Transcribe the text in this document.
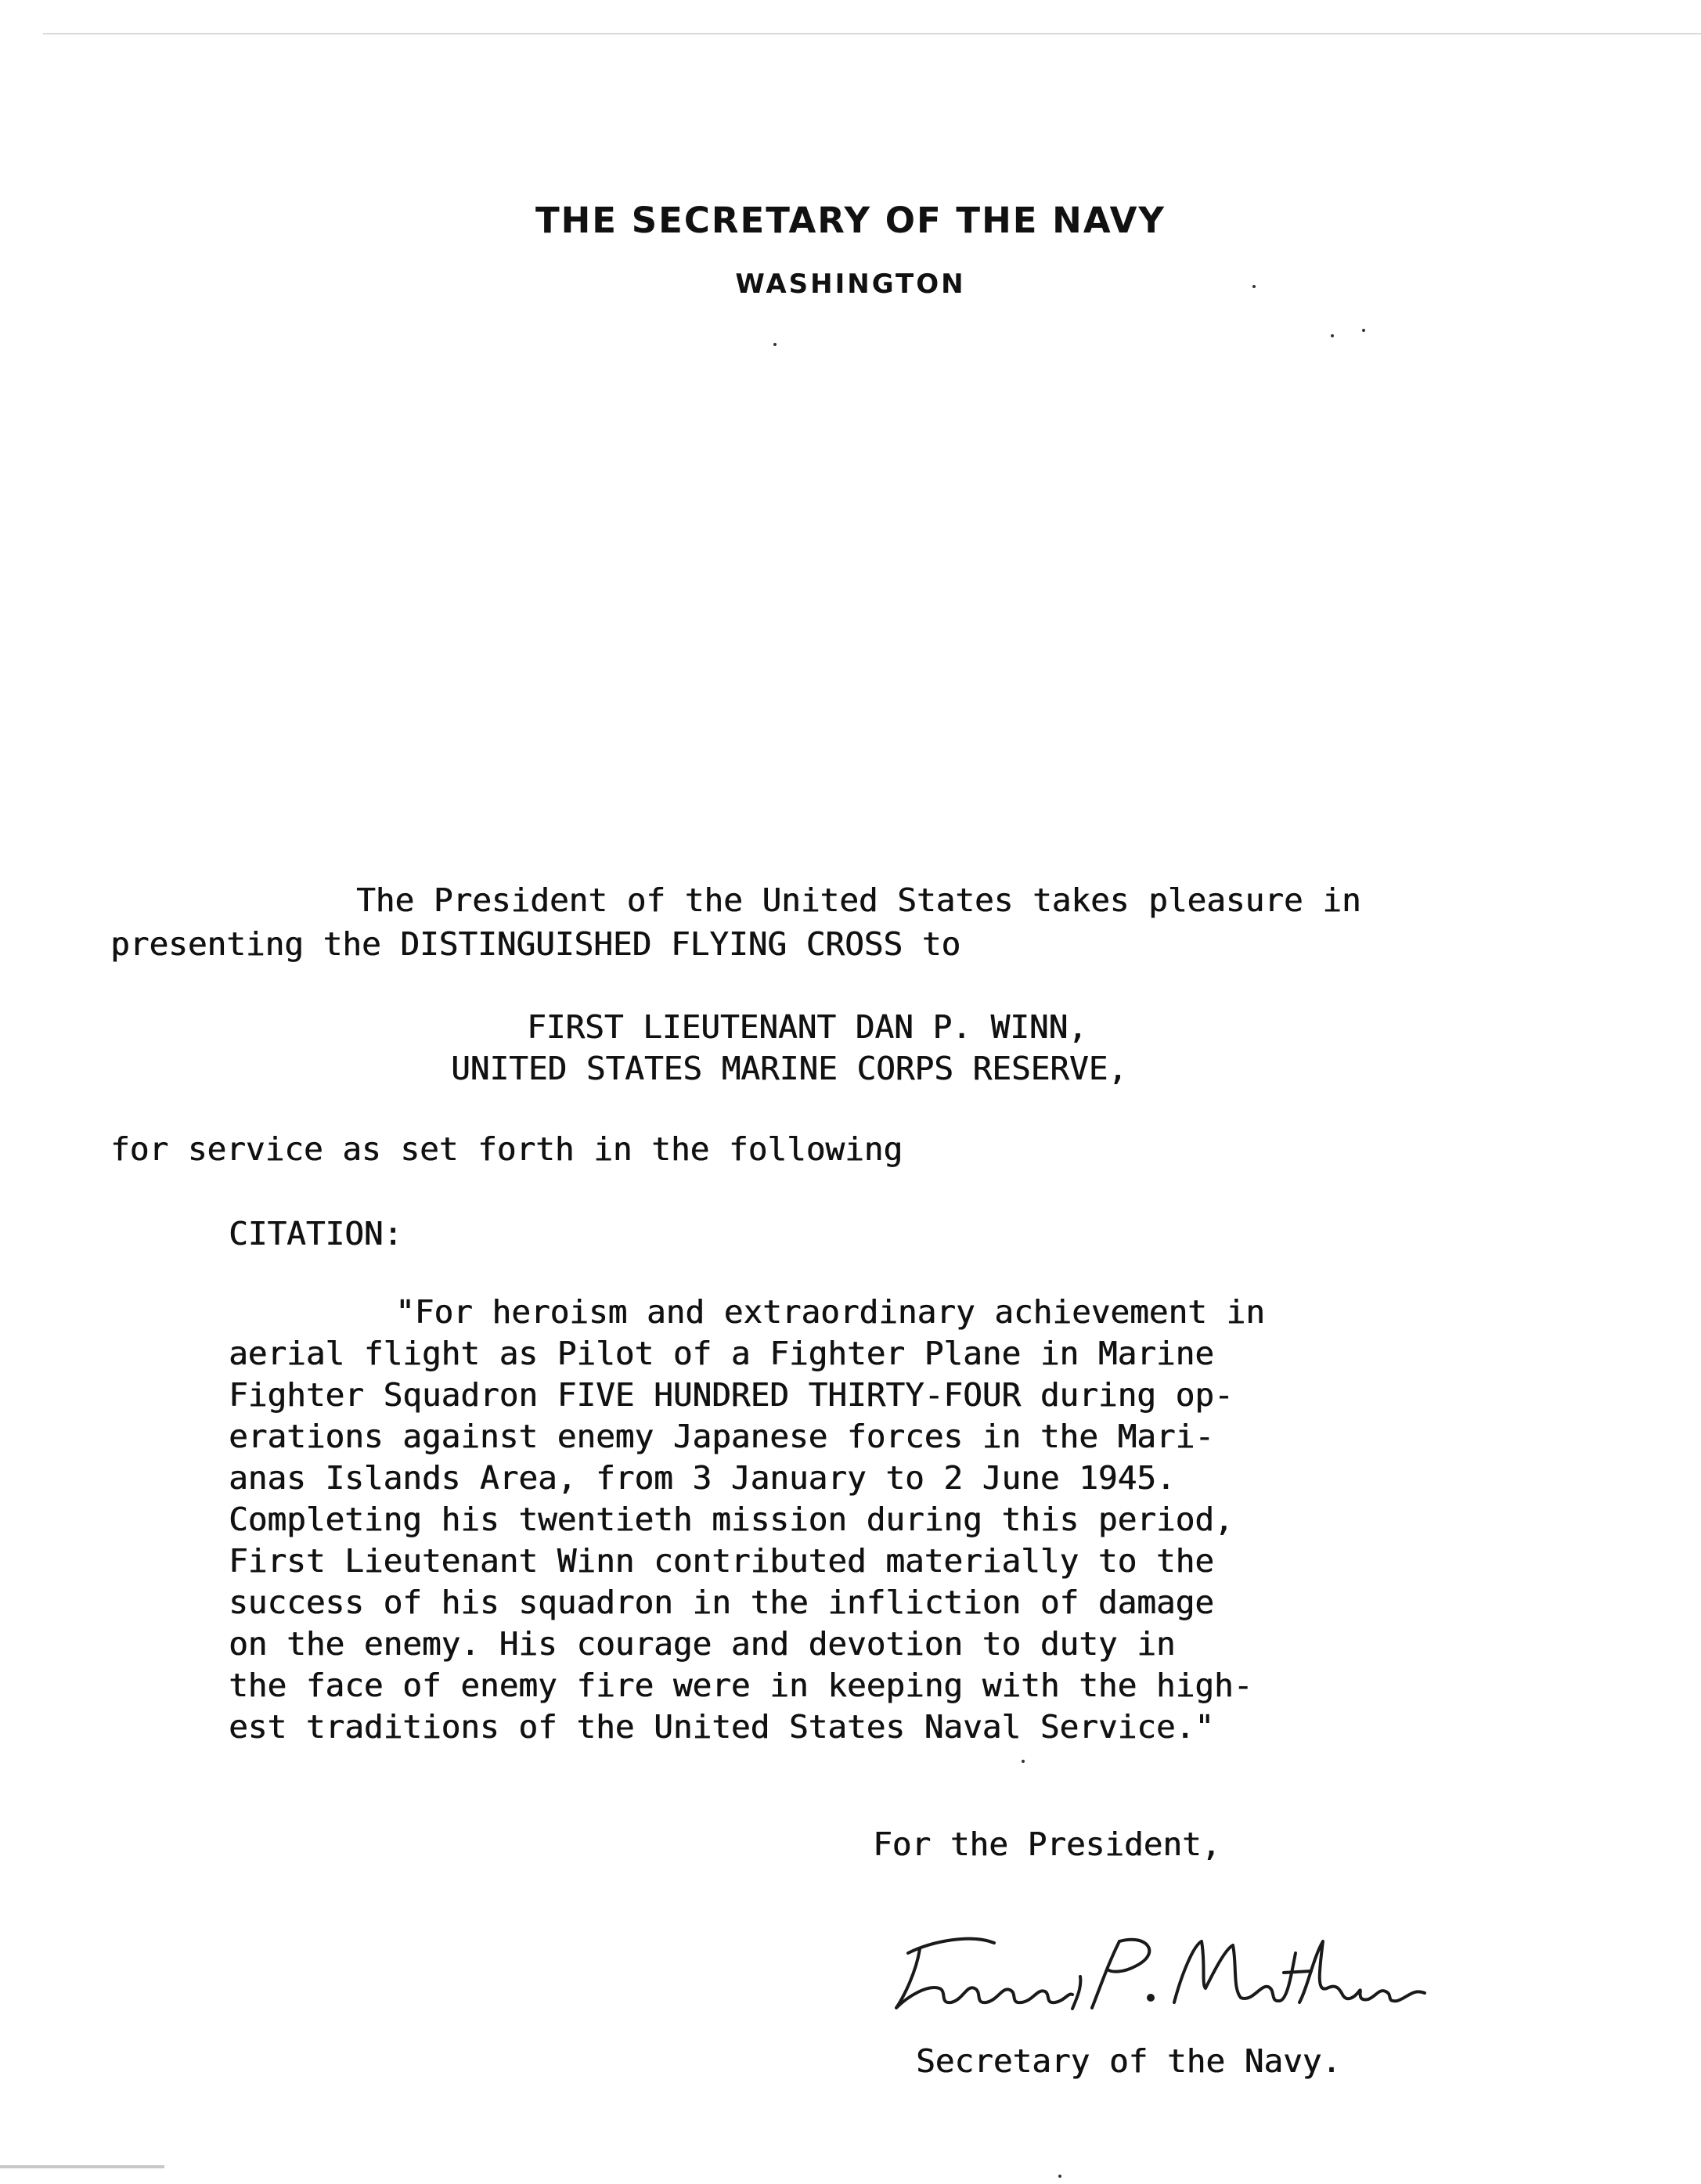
THE SECRETARY OF THE NAVY
WASHINGTON
The President of the United States takes pleasure in
presenting the DISTINGUISHED FLYING CROSS to
FIRST LIEUTENANT DAN P. WINN,
UNITED STATES MARINE CORPS RESERVE,
for service as set forth in the following
CITATION:
"For heroism and extraordinary achievement in
aerial flight as Pilot of a Fighter Plane in Marine
Fighter Squadron FIVE HUNDRED THIRTY-FOUR during op-
erations against enemy Japanese forces in the Mari-
anas Islands Area, from 3 January to 2 June 1945.
Completing his twentieth mission during this period,
First Lieutenant Winn contributed materially to the
success of his squadron in the infliction of damage
on the enemy. His courage and devotion to duty in
the face of enemy fire were in keeping with the high-
est traditions of the United States Naval Service."
For the President,
Secretary of the Navy.
